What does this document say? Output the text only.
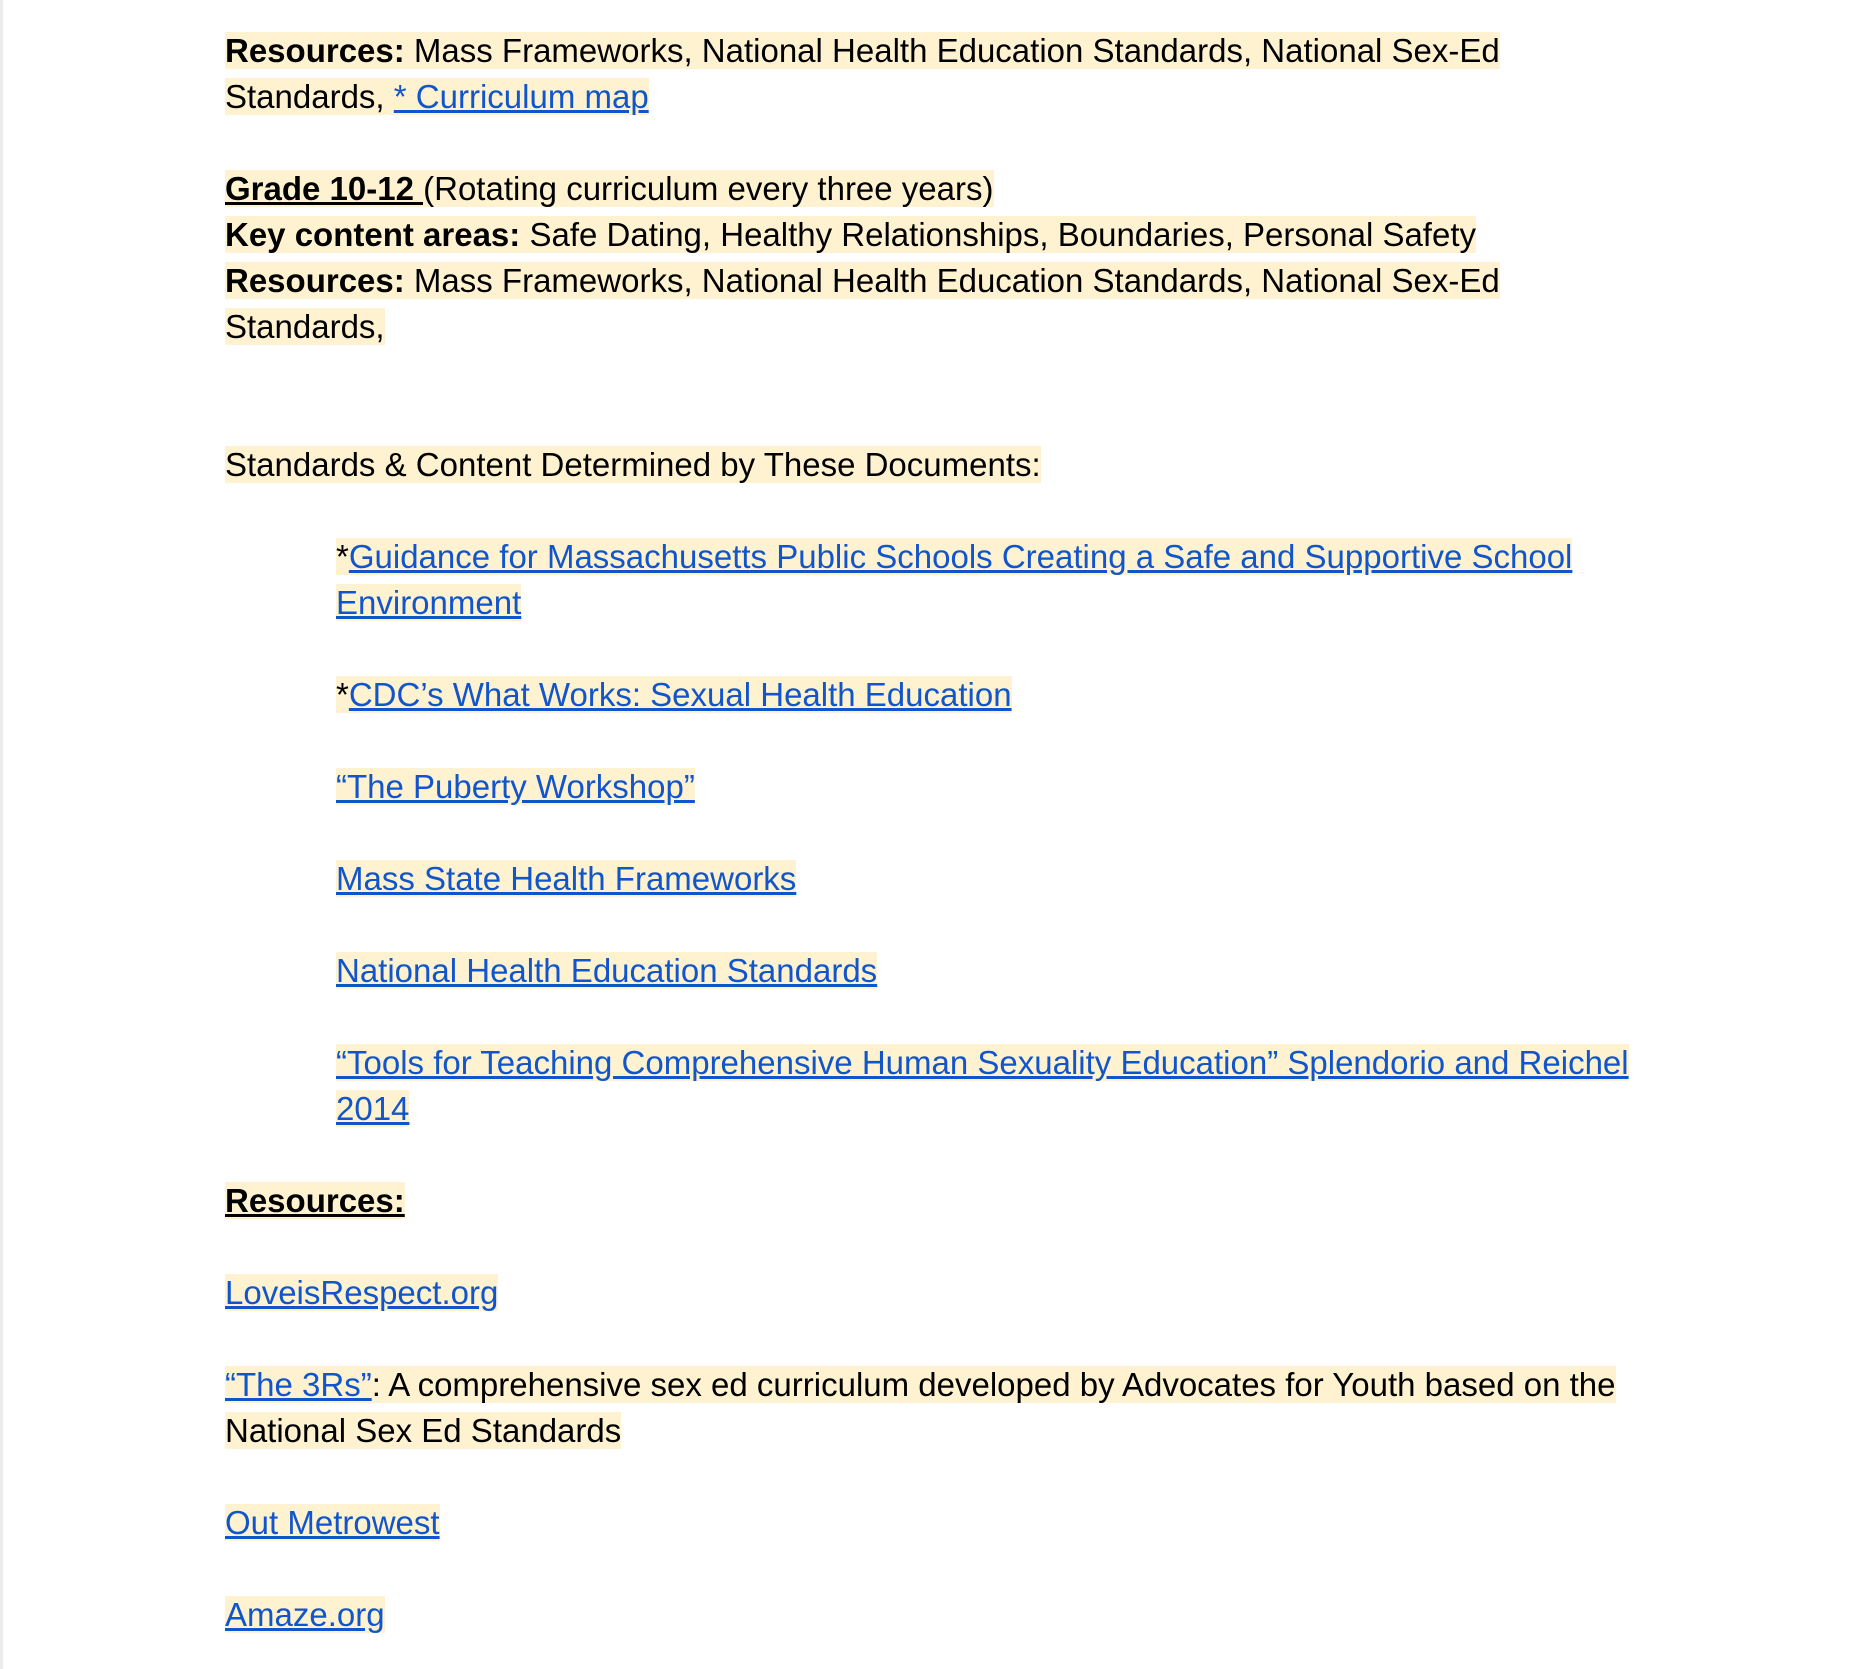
Resources: Mass Frameworks, National Health Education Standards, National Sex-Ed
Standards, * Curriculum map
Grade 10-12 (Rotating curriculum every three years)
Key content areas: Safe Dating, Healthy Relationships, Boundaries, Personal Safety
Resources: Mass Frameworks, National Health Education Standards, National Sex-Ed
Standards,
Standards & Content Determined by These Documents:
*Guidance for Massachusetts Public Schools Creating a Safe and Supportive School Environment
*CDC’s What Works: Sexual Health Education
“The Puberty Workshop”
Mass State Health Frameworks
National Health Education Standards
“Tools for Teaching Comprehensive Human Sexuality Education” Splendorio and Reichel 2014
Resources:
LoveisRespect.org
“The 3Rs”: A comprehensive sex ed curriculum developed by Advocates for Youth based on the National Sex Ed Standards
Out Metrowest
Amaze.org
